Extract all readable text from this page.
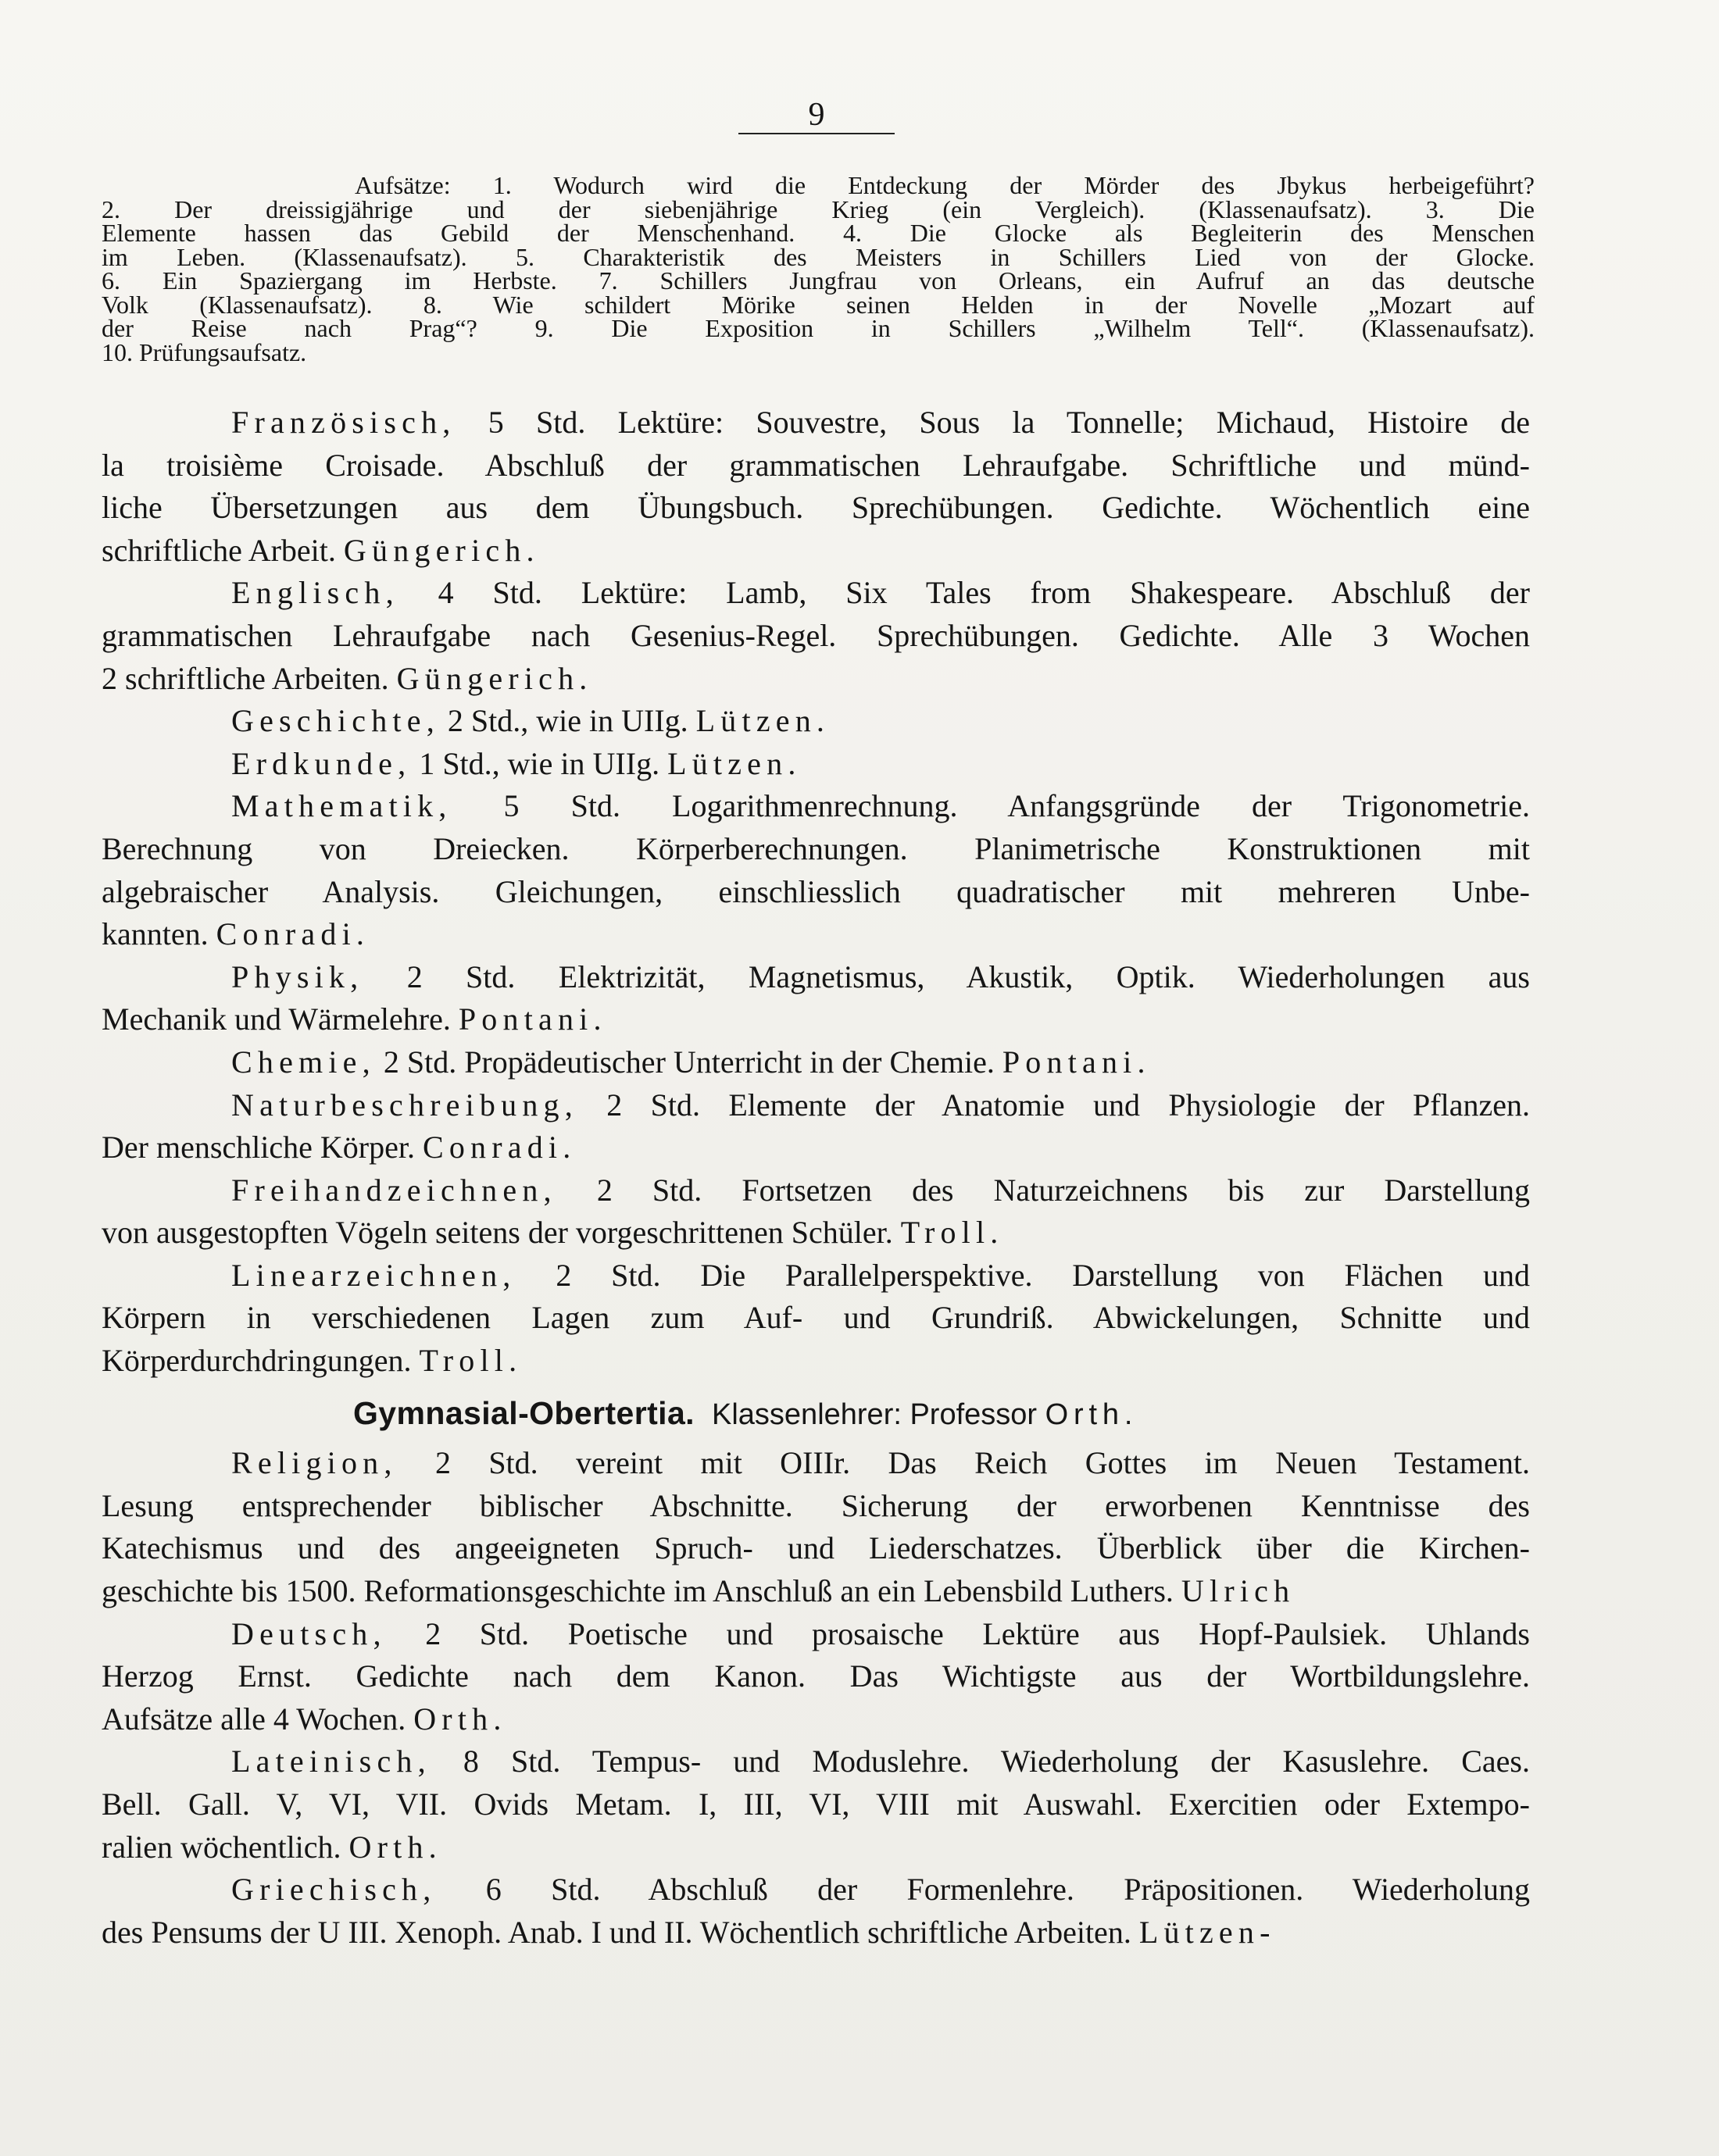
9
Aufsätze: 1. Wodurch wird die Entdeckung der Mörder des Jbykus herbeigeführt?
2. Der dreissigjährige und der siebenjährige Krieg (ein Vergleich). (Klassenaufsatz). 3. Die
Elemente hassen das Gebild der Menschenhand. 4. Die Glocke als Begleiterin des Menschen
im Leben. (Klassenaufsatz). 5. Charakteristik des Meisters in Schillers Lied von der Glocke.
6. Ein Spaziergang im Herbste. 7. Schillers Jungfrau von Orleans, ein Aufruf an das deutsche
Volk (Klassenaufsatz). 8. Wie schildert Mörike seinen Helden in der Novelle „Mozart auf
der Reise nach Prag“? 9. Die Exposition in Schillers „Wilhelm Tell“. (Klassenaufsatz).
10. Prüfungsaufsatz.
Französisch, 5 Std. Lektüre: Souvestre, Sous la Tonnelle; Michaud, Histoire de
la troisième Croisade. Abschluß der grammatischen Lehraufgabe. Schriftliche und münd-
liche Übersetzungen aus dem Übungsbuch. Sprechübungen. Gedichte. Wöchentlich eine
schriftliche Arbeit. Güngerich.
Englisch, 4 Std. Lektüre: Lamb, Six Tales from Shakespeare. Abschluß der
grammatischen Lehraufgabe nach Gesenius-Regel. Sprechübungen. Gedichte. Alle 3 Wochen
2 schriftliche Arbeiten. Güngerich.
Geschichte, 2 Std., wie in UIIg. Lützen.
Erdkunde, 1 Std., wie in UIIg. Lützen.
Mathematik, 5 Std. Logarithmenrechnung. Anfangsgründe der Trigonometrie.
Berechnung von Dreiecken. Körperberechnungen. Planimetrische Konstruktionen mit
algebraischer Analysis. Gleichungen, einschliesslich quadratischer mit mehreren Unbe-
kannten. Conradi.
Physik, 2 Std. Elektrizität, Magnetismus, Akustik, Optik. Wiederholungen aus
Mechanik und Wärmelehre. Pontani.
Chemie, 2 Std. Propädeutischer Unterricht in der Chemie. Pontani.
Naturbeschreibung, 2 Std. Elemente der Anatomie und Physiologie der Pflanzen.
Der menschliche Körper. Conradi.
Freihandzeichnen, 2 Std. Fortsetzen des Naturzeichnens bis zur Darstellung
von ausgestopften Vögeln seitens der vorgeschrittenen Schüler. Troll.
Linearzeichnen, 2 Std. Die Parallelperspektive. Darstellung von Flächen und
Körpern in verschiedenen Lagen zum Auf- und Grundriß. Abwickelungen, Schnitte und
Körperdurchdringungen. Troll.
Gymnasial-Obertertia. Klassenlehrer: Professor Orth.
Religion, 2 Std. vereint mit OIIIr. Das Reich Gottes im Neuen Testament.
Lesung entsprechender biblischer Abschnitte. Sicherung der erworbenen Kenntnisse des
Katechismus und des angeeigneten Spruch- und Liederschatzes. Überblick über die Kirchen-
geschichte bis 1500. Reformationsgeschichte im Anschluß an ein Lebensbild Luthers. Ulrich
Deutsch, 2 Std. Poetische und prosaische Lektüre aus Hopf-Paulsiek. Uhlands
Herzog Ernst. Gedichte nach dem Kanon. Das Wichtigste aus der Wortbildungslehre.
Aufsätze alle 4 Wochen. Orth.
Lateinisch, 8 Std. Tempus- und Moduslehre. Wiederholung der Kasuslehre. Caes.
Bell. Gall. V, VI, VII. Ovids Metam. I, III, VI, VIII mit Auswahl. Exercitien oder Extempo-
ralien wöchentlich. Orth.
Griechisch, 6 Std. Abschluß der Formenlehre. Präpositionen. Wiederholung
des Pensums der U III. Xenoph. Anab. I und II. Wöchentlich schriftliche Arbeiten. Lützen-
